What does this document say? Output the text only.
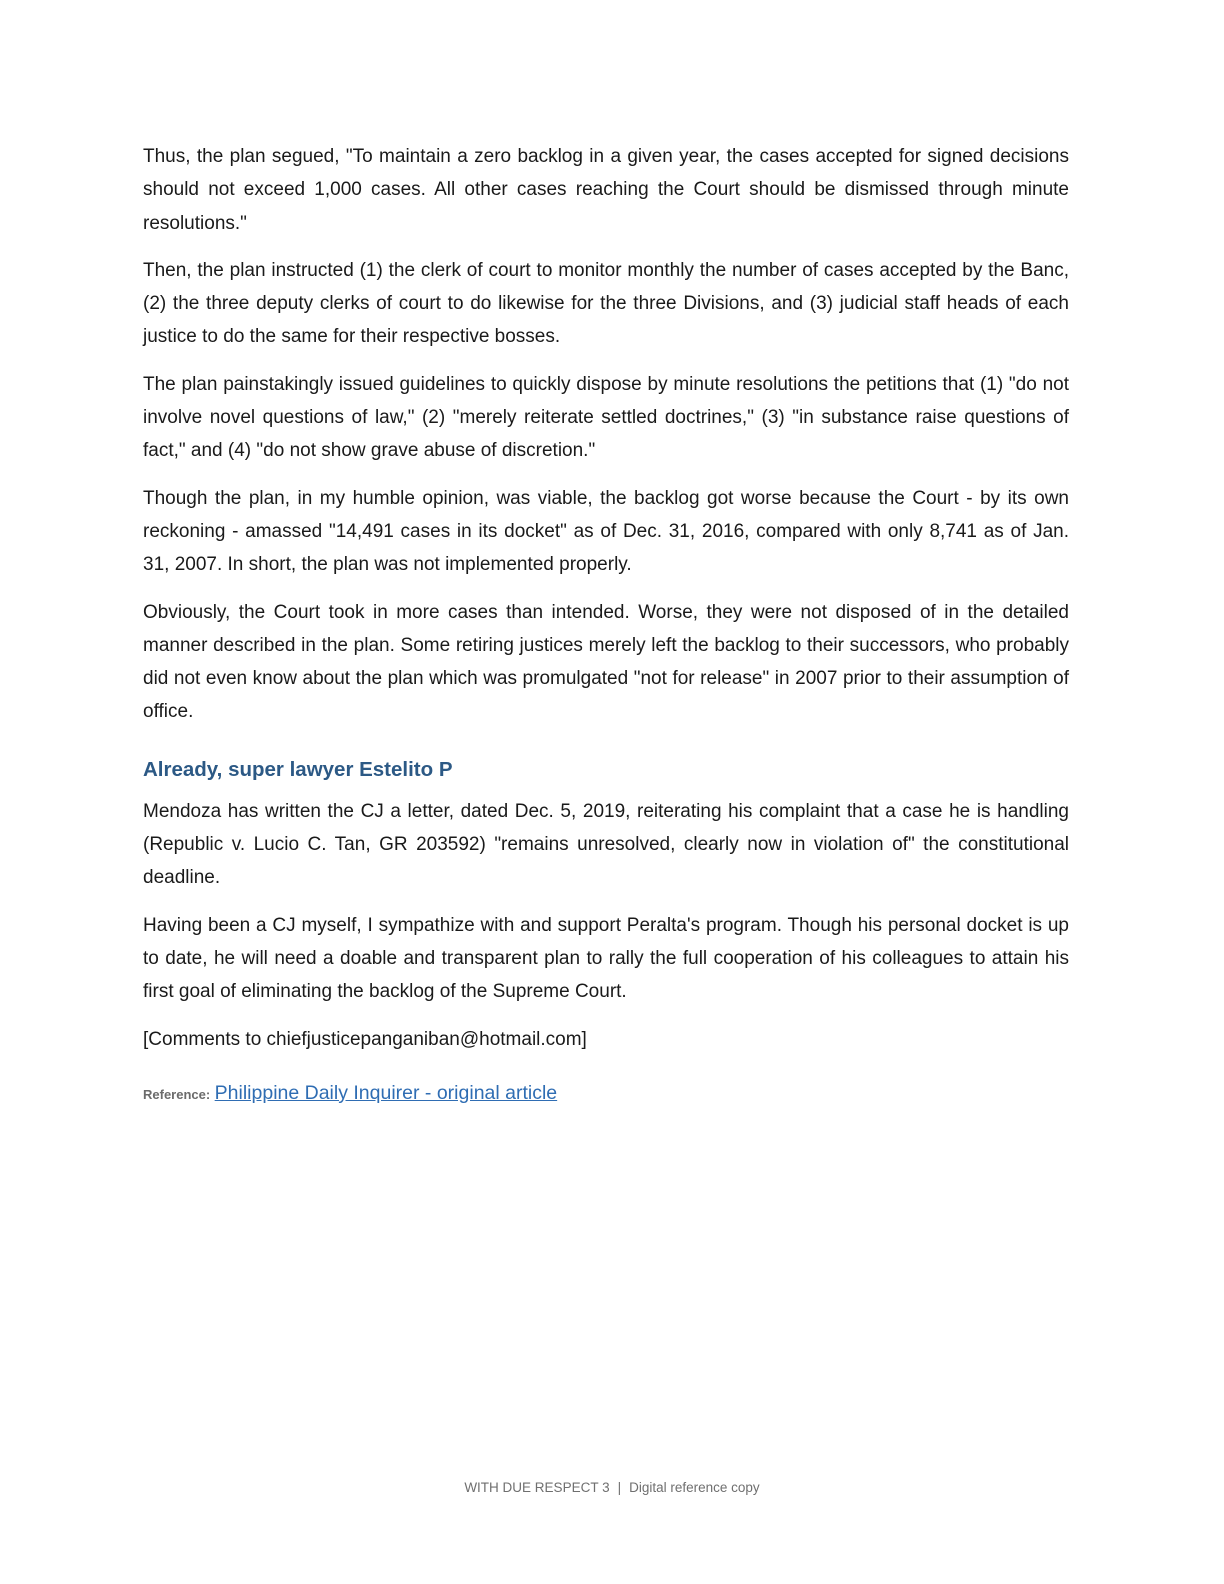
Thus, the plan segued, "To maintain a zero backlog in a given year, the cases accepted for signed decisions should not exceed 1,000 cases. All other cases reaching the Court should be dismissed through minute resolutions."

Then, the plan instructed (1) the clerk of court to monitor monthly the number of cases accepted by the Banc, (2) the three deputy clerks of court to do likewise for the three Divisions, and (3) judicial staff heads of each justice to do the same for their respective bosses.

The plan painstakingly issued guidelines to quickly dispose by minute resolutions the petitions that (1) "do not involve novel questions of law," (2) "merely reiterate settled doctrines," (3) "in substance raise questions of fact," and (4) "do not show grave abuse of discretion."

Though the plan, in my humble opinion, was viable, the backlog got worse because the Court - by its own reckoning - amassed "14,491 cases in its docket" as of Dec. 31, 2016, compared with only 8,741 as of Jan. 31, 2007. In short, the plan was not implemented properly.

Obviously, the Court took in more cases than intended. Worse, they were not disposed of in the detailed manner described in the plan. Some retiring justices merely left the backlog to their successors, who probably did not even know about the plan which was promulgated "not for release" in 2007 prior to their assumption of office.

Already, super lawyer Estelito P

Mendoza has written the CJ a letter, dated Dec. 5, 2019, reiterating his complaint that a case he is handling (Republic v. Lucio C. Tan, GR 203592) "remains unresolved, clearly now in violation of" the constitutional deadline.

Having been a CJ myself, I sympathize with and support Peralta's program. Though his personal docket is up to date, he will need a doable and transparent plan to rally the full cooperation of his colleagues to attain his first goal of eliminating the backlog of the Supreme Court.

[Comments to chiefjusticepanganiban@hotmail.com]

Reference: Philippine Daily Inquirer - original article
WITH DUE RESPECT 3 | Digital reference copy
